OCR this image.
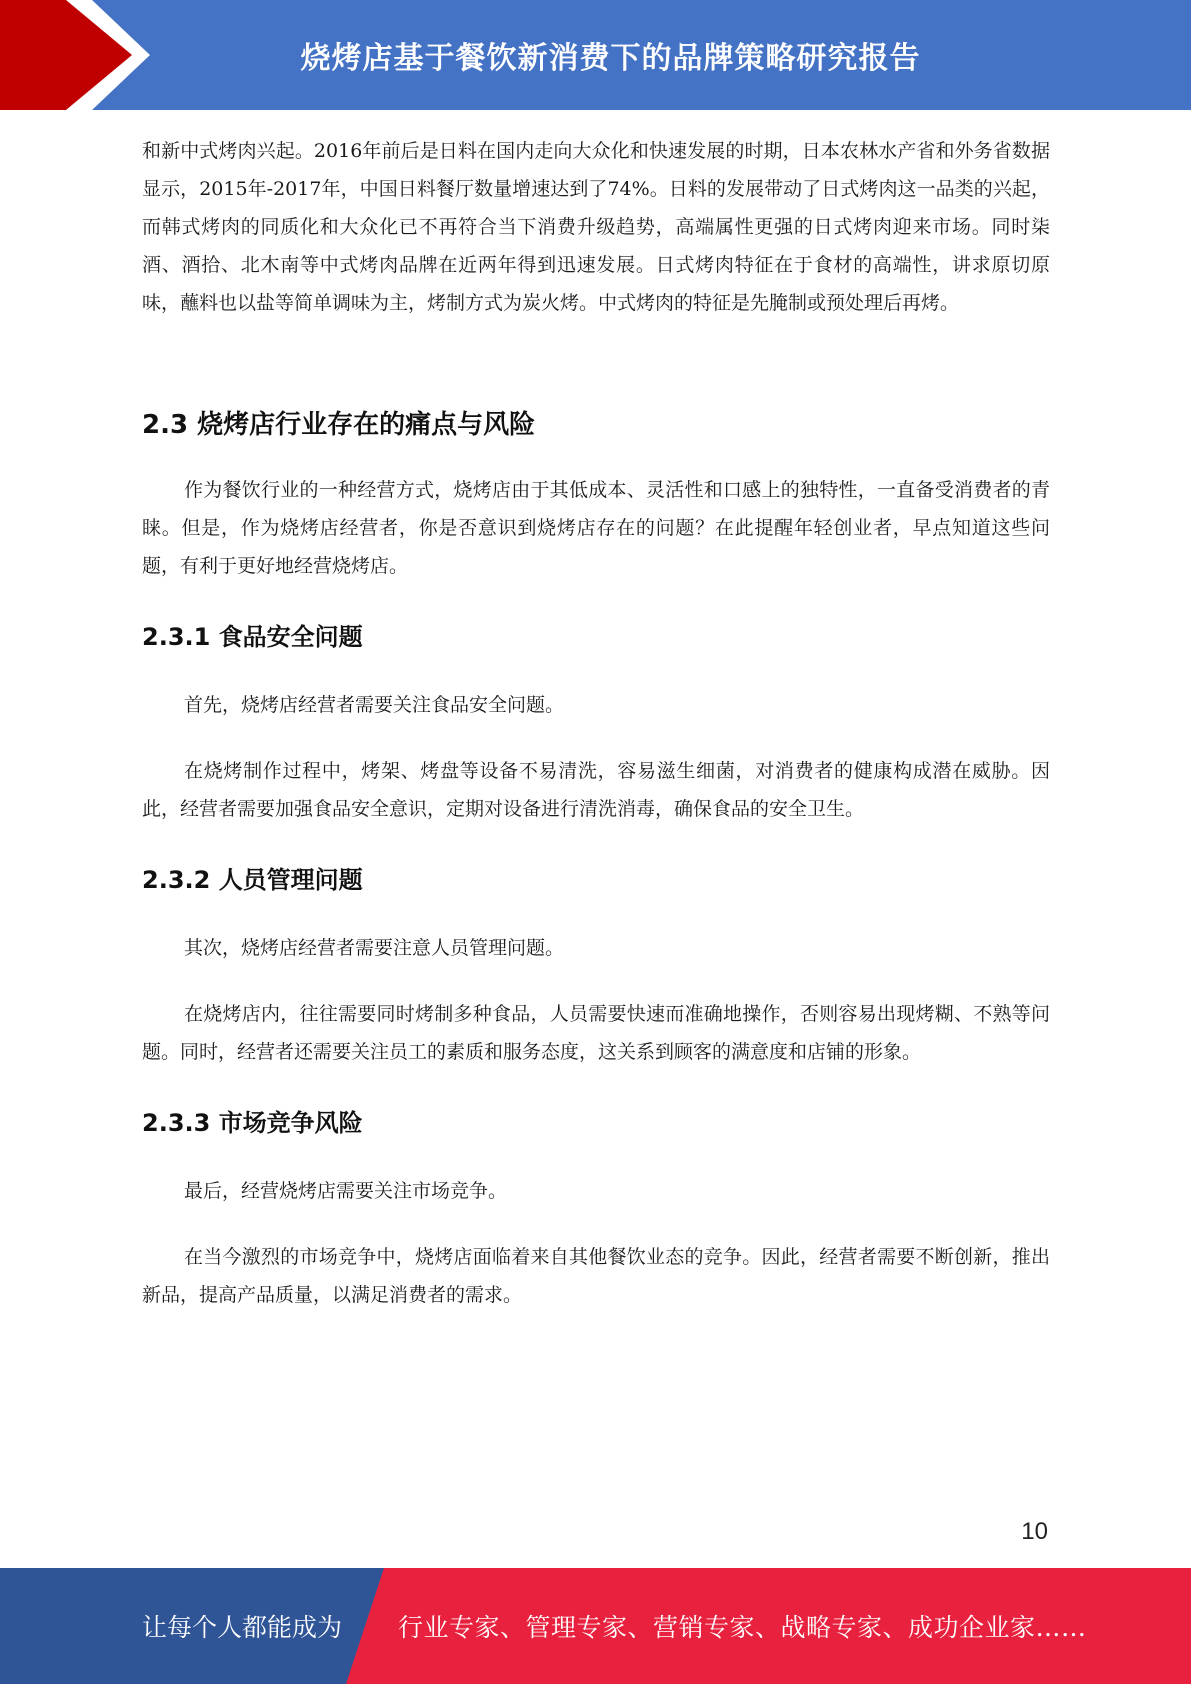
烧烤店基于餐饮新消费下的品牌策略研究报告

和新中式烤肉兴起。2016年前后是日料在国内走向大众化和快速发展的时期，日本农林水产省和外务省数据显示，2015年-2017年，中国日料餐厅数量增速达到了74%。日料的发展带动了日式烤肉这一品类的兴起，而韩式烤肉的同质化和大众化已不再符合当下消费升级趋势，高端属性更强的日式烤肉迎来市场。同时柒酒、酒拾、北木南等中式烤肉品牌在近两年得到迅速发展。日式烤肉特征在于食材的高端性，讲求原切原味，蘸料也以盐等简单调味为主，烤制方式为炭火烤。中式烤肉的特征是先腌制或预处理后再烤。

2.3 烧烤店行业存在的痛点与风险

作为餐饮行业的一种经营方式，烧烤店由于其低成本、灵活性和口感上的独特性，一直备受消费者的青睐。但是，作为烧烤店经营者，你是否意识到烧烤店存在的问题？在此提醒年轻创业者，早点知道这些问题，有利于更好地经营烧烤店。

2.3.1 食品安全问题

首先，烧烤店经营者需要关注食品安全问题。

在烧烤制作过程中，烤架、烤盘等设备不易清洗，容易滋生细菌，对消费者的健康构成潜在威胁。因此，经营者需要加强食品安全意识，定期对设备进行清洗消毒，确保食品的安全卫生。

2.3.2 人员管理问题

其次，烧烤店经营者需要注意人员管理问题。

在烧烤店内，往往需要同时烤制多种食品，人员需要快速而准确地操作，否则容易出现烤糊、不熟等问题。同时，经营者还需要关注员工的素质和服务态度，这关系到顾客的满意度和店铺的形象。

2.3.3 市场竞争风险

最后，经营烧烤店需要关注市场竞争。

在当今激烈的市场竞争中，烧烤店面临着来自其他餐饮业态的竞争。因此，经营者需要不断创新，推出新品，提高产品质量，以满足消费者的需求。

10
让每个人都能成为 行业专家、管理专家、营销专家、战略专家、成功企业家……
